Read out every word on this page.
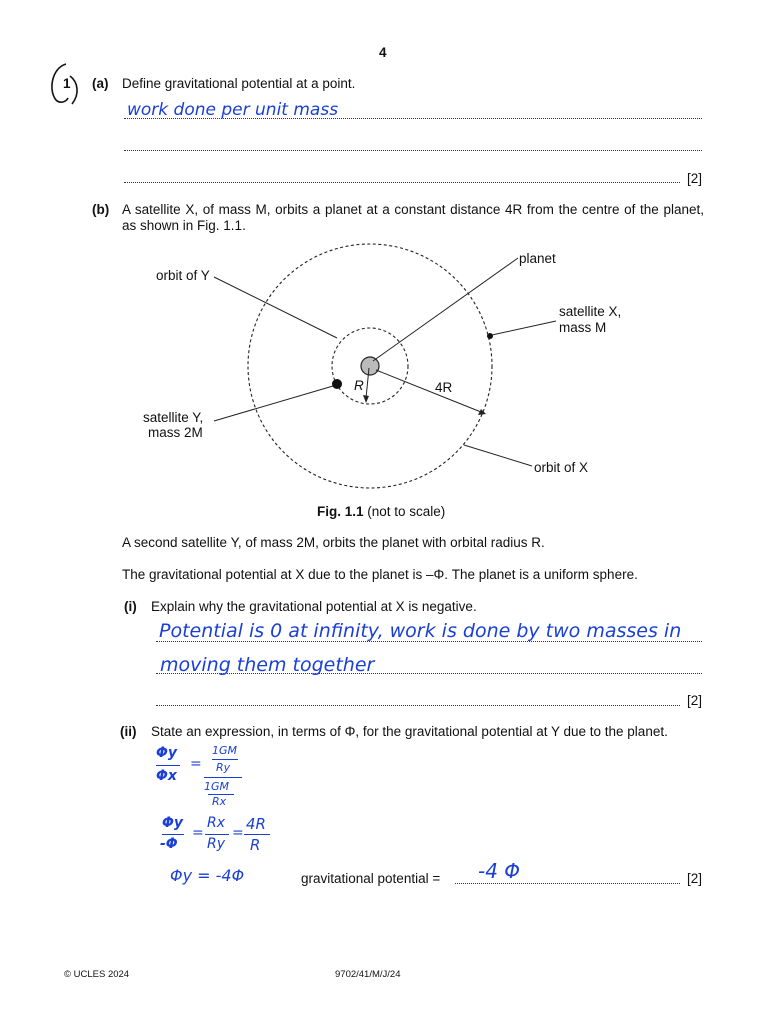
4
1 (a) Define gravitational potential at a point.
work done per unit mass
[2]
(b) A satellite X, of mass M, orbits a planet at a constant distance 4R from the centre of the planet, as shown in Fig. 1.1.
planet
orbit of Y
satellite X,
mass M
R	4R
satellite Y,
mass 2M
orbit of X
Fig. 1.1 (not to scale)
A second satellite Y, of mass 2M, orbits the planet with orbital radius R.
The gravitational potential at X due to the planet is –Φ. The planet is a uniform sphere.
(i) Explain why the gravitational potential at X is negative.
Potential is 0 at infinity, work is done by two masses in
moving them together
[2]
(ii) State an expression, in terms of Φ, for the gravitational potential at Y due to the planet.
Φy
Φx
=
1GM
Ry
1GM
Rx
Φy
-Φ
=
Rx
Ry
= 4R
R
Φy = -4Φ	gravitational potential = -4 Φ	[2]
© UCLES 2024	9702/41/M/J/24
